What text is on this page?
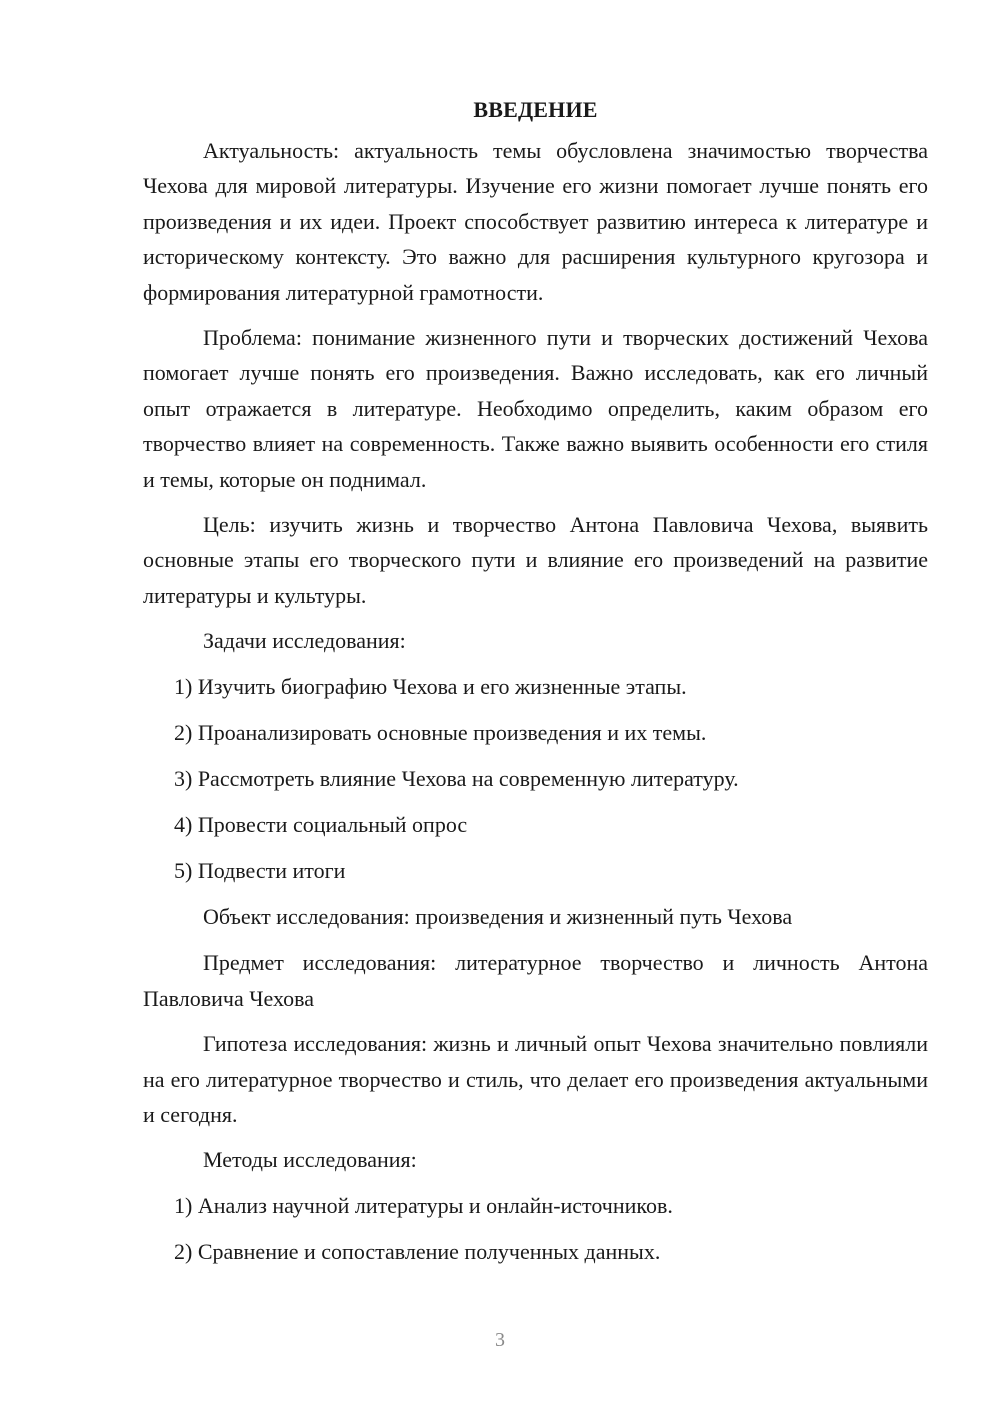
ВВЕДЕНИЕ

Актуальность: актуальность темы обусловлена значимостью творчества Чехова для мировой литературы. Изучение его жизни помогает лучше понять его произведения и их идеи. Проект способствует развитию интереса к литературе и историческому контексту. Это важно для расширения культурного кругозора и формирования литературной грамотности.

Проблема: понимание жизненного пути и творческих достижений Чехова помогает лучше понять его произведения. Важно исследовать, как его личный опыт отражается в литературе. Необходимо определить, каким образом его творчество влияет на современность. Также важно выявить особенности его стиля и темы, которые он поднимал.

Цель: изучить жизнь и творчество Антона Павловича Чехова, выявить основные этапы его творческого пути и влияние его произведений на развитие литературы и культуры.

Задачи исследования:
1) Изучить биографию Чехова и его жизненные этапы.
2) Проанализировать основные произведения и их темы.
3) Рассмотреть влияние Чехова на современную литературу.
4) Провести социальный опрос
5) Подвести итоги
Объект исследования: произведения и жизненный путь Чехова

Предмет исследования: литературное творчество и личность Антона Павловича Чехова

Гипотеза исследования: жизнь и личный опыт Чехова значительно повлияли на его литературное творчество и стиль, что делает его произведения актуальными и сегодня.

Методы исследования:
1) Анализ научной литературы и онлайн-источников.
2) Сравнение и сопоставление полученных данных.
3
